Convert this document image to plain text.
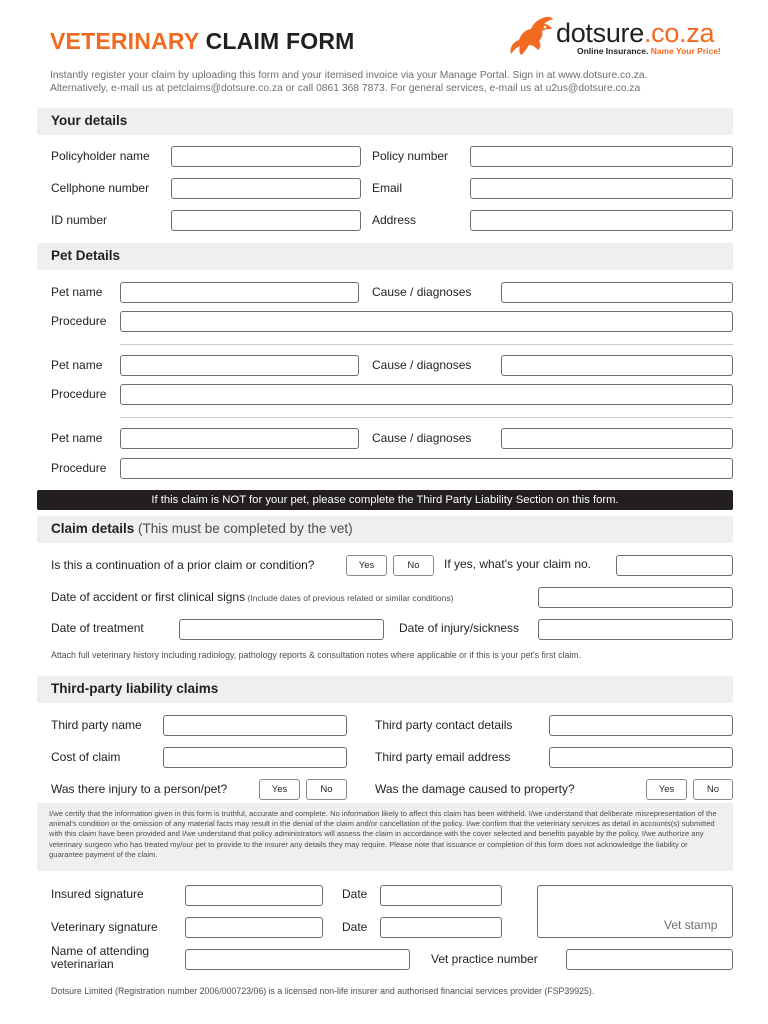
VETERINARY CLAIM FORM	dotsure.co.za
Online Insurance. Name Your Price!
Instantly register your claim by uploading this form and your itemised invoice via your Manage Portal. Sign in at www.dotsure.co.za.
Alternatively, e-mail us at petclaims@dotsure.co.za or call 0861 368 7873. For general services, e-mail us at u2us@dotsure.co.za
Your details
Policyholder name	Policy number
Cellphone number	Email
ID number	Address
Pet Details
Pet name	Cause / diagnoses
Procedure
Pet name	Cause / diagnoses
Procedure
Pet name	Cause / diagnoses
Procedure
If this claim is NOT for your pet, please complete the Third Party Liability Section on this form.
Claim details (This must be completed by the vet)
Is this a continuation of a prior claim or condition?	Yes	No	If yes, what's your claim no.
Date of accident or first clinical signs (Include dates of previous related or similar conditions)
Date of treatment	Date of injury/sickness
Attach full veterinary history including radiology, pathology reports & consultation notes where applicable or if this is your pet's first claim.
Third-party liability claims
Third party name	Third party contact details
Cost of claim	Third party email address
Was there injury to a person/pet?	Yes	No	Was the damage caused to property?	Yes	No
I/we certify that the information given in this form is truthful, accurate and complete. No information likely to affect this claim has been withheld. I/we understand that deliberate misrepresentation of the animal's condition or the omission of any material facts may result in the denial of the claim and/or cancellation of the policy. I/we confirm that the veterinary services as detail in accounts(s) submitted with this claim have been provided and I/we understand that policy administrators will assess the claim in accordance with the cover selected and benefits payable by the policy. I/we authorize any veterinary surgeon who has treated my/our pet to provide to the insurer any details they may require. Please note that issuance or completion of this form does not acknowledge the liability or guarantee payment of the claim.
Insured signature	Date
Veterinary signature	Date	Vet stamp
Name of attending
veterinarian	Vet practice number
Dotsure Limited (Registration number 2006/000723/06) is a licensed non-life insurer and authorised financial services provider (FSP39925).
